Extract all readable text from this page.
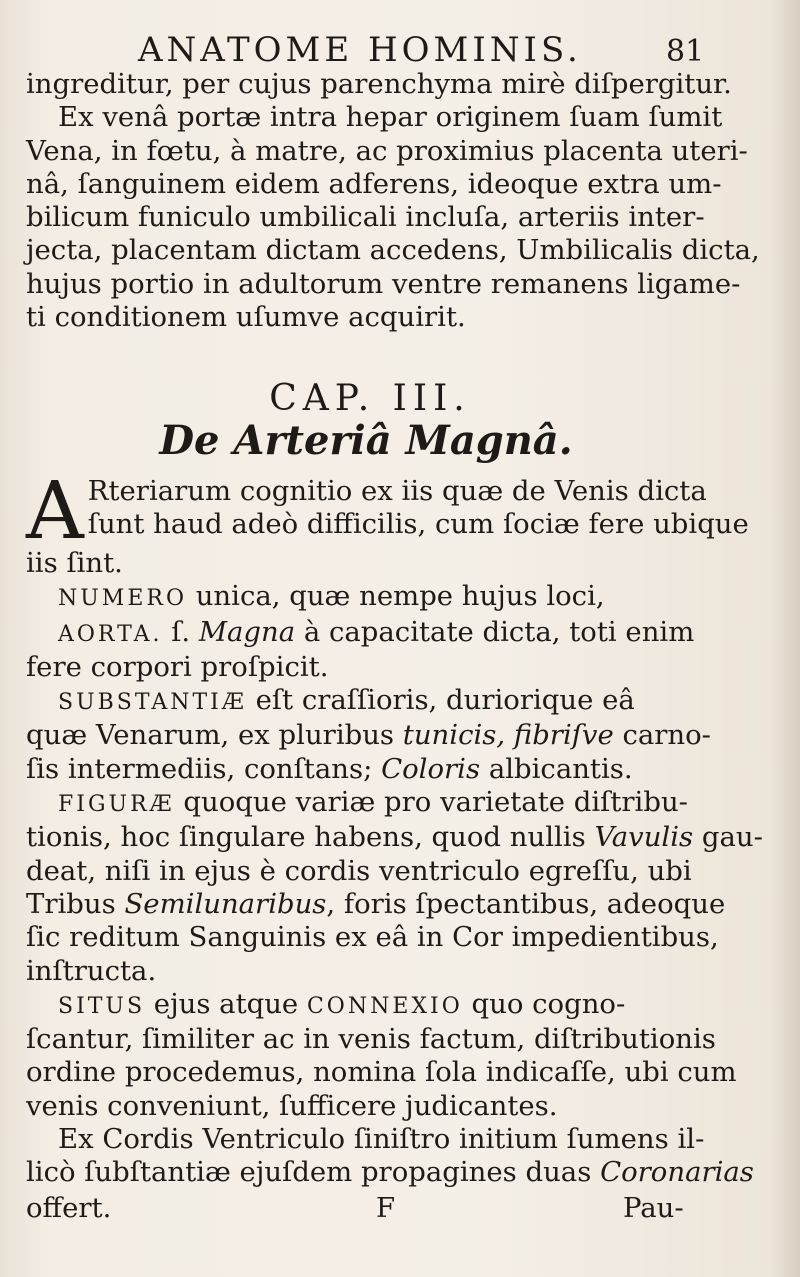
ANATOME HOMINIS.	81
ingreditur, per cujus parenchyma mirè diſpergitur.
Ex venâ portæ intra hepar originem ſuam ſumit
Vena, in fœtu, à matre, ac proximius placenta uteri-
nâ, ſanguinem eidem adferens, ideoque extra um-
bilicum funiculo umbilicali incluſa, arteriis inter-
jecta, placentam dictam accedens, Umbilicalis dicta,
hujus portio in adultorum ventre remanens ligame-
ti conditionem uſumve acquirit.
CAP. III.
De Arteriâ Magnâ.
A Rteriarum cognitio ex iis quæ de Venis dicta
ſunt haud adeò difficilis, cum ſociæ fere ubique
iis ſint.
NUMERO unica, quæ nempe hujus loci,
AORTA. ſ. Magna à capacitate dicta, toti enim
fere corpori proſpicit.
SUBSTANTIÆ eſt craſſioris, duriorique eâ
quæ Venarum, ex pluribus tunicis, fibriſve carno-
ſis intermediis, conſtans; Coloris albicantis.
FIGURÆ quoque variæ pro varietate diſtribu-
tionis, hoc ſingulare habens, quod nullis Vavulis gau-
deat, niſi in ejus è cordis ventriculo egreſſu, ubi
Tribus Semilunaribus, foris ſpectantibus, adeoque
ſic reditum Sanguinis ex eâ in Cor impedientibus,
inſtructa.
SITUS ejus atque CONNEXIO quo cogno-
ſcantur, ſimiliter ac in venis factum, diſtributionis
ordine procedemus, nomina ſola indicaſſe, ubi cum
venis conveniunt, ſufficere judicantes.
Ex Cordis Ventriculo ſiniſtro initium ſumens il-
licò ſubſtantiæ ejuſdem propagines duas Coronarias
offert.	F	Pau-
